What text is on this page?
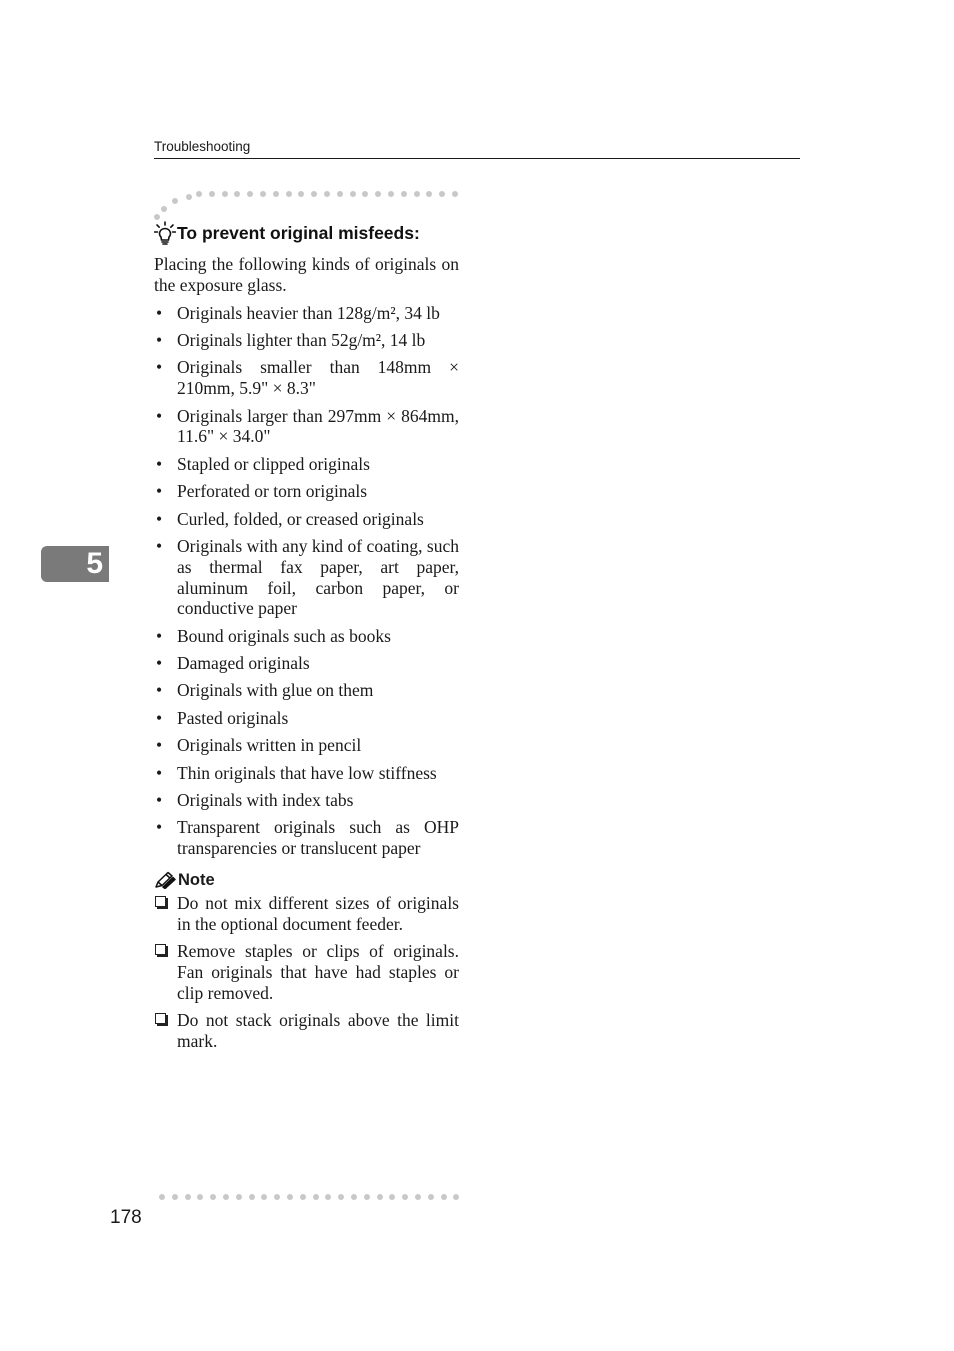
Troubleshooting
5
To prevent original misfeeds:
Placing the following kinds of originals on the exposure glass.
• Originals heavier than 128g/m², 34 lb
• Originals lighter than 52g/m², 14 lb
• Originals smaller than 148mm × 210mm, 5.9" × 8.3"
• Originals larger than 297mm × 864mm, 11.6" × 34.0"
• Stapled or clipped originals
• Perforated or torn originals
• Curled, folded, or creased originals
• Originals with any kind of coating, such as thermal fax paper, art paper, aluminum foil, carbon paper, or conductive paper
• Bound originals such as books
• Damaged originals
• Originals with glue on them
• Pasted originals
• Originals written in pencil
• Thin originals that have low stiffness
• Originals with index tabs
• Transparent originals such as OHP transparencies or translucent paper
Note
Do not mix different sizes of originals in the optional document feeder.
Remove staples or clips of originals. Fan originals that have had staples or clip removed.
Do not stack originals above the limit mark.
178
